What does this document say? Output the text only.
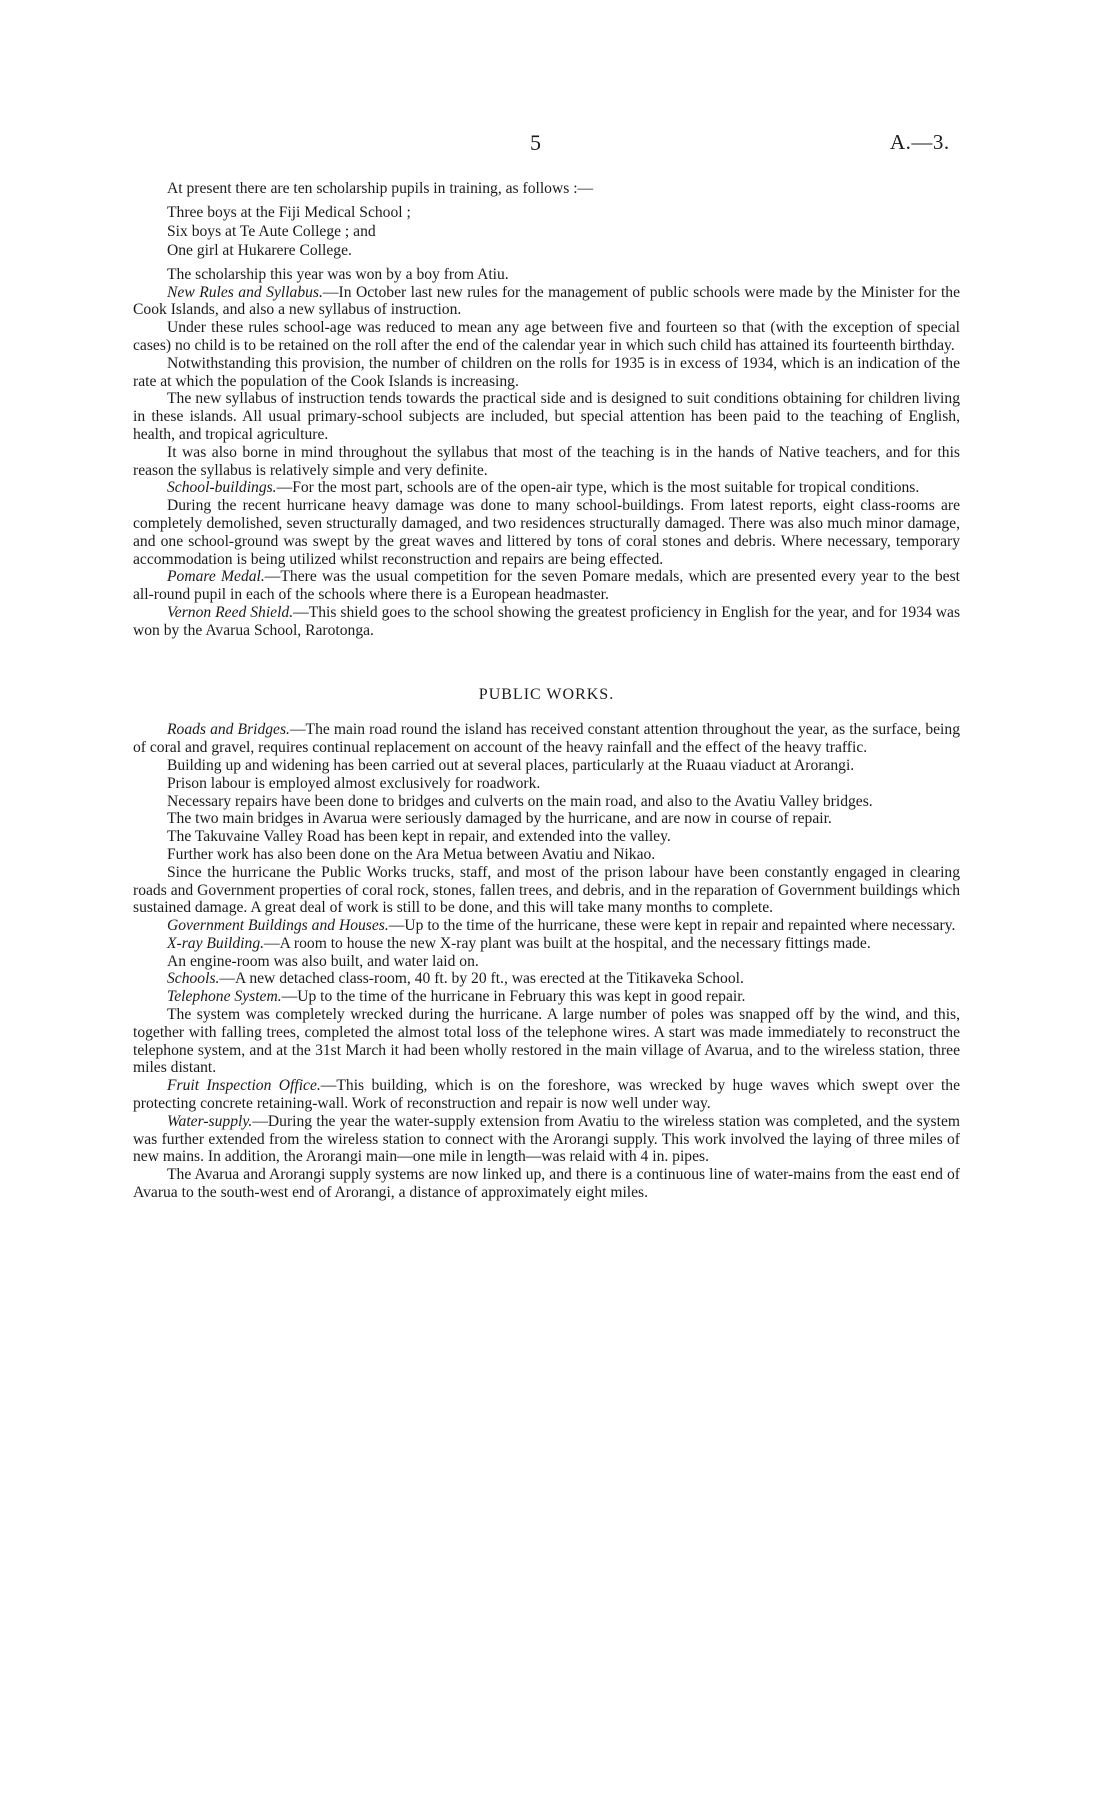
5	A.—3.

At present there are ten scholarship pupils in training, as follows :—

Three boys at the Fiji Medical School ;
Six boys at Te Aute College ; and
One girl at Hukarere College.

The scholarship this year was won by a boy from Atiu.

New Rules and Syllabus.—In October last new rules for the management of public schools were made by the Minister for the Cook Islands, and also a new syllabus of instruction.

Under these rules school-age was reduced to mean any age between five and fourteen so that (with the exception of special cases) no child is to be retained on the roll after the end of the calendar year in which such child has attained its fourteenth birthday.

Notwithstanding this provision, the number of children on the rolls for 1935 is in excess of 1934, which is an indication of the rate at which the population of the Cook Islands is increasing.

The new syllabus of instruction tends towards the practical side and is designed to suit conditions obtaining for children living in these islands. All usual primary-school subjects are included, but special attention has been paid to the teaching of English, health, and tropical agriculture.

It was also borne in mind throughout the syllabus that most of the teaching is in the hands of Native teachers, and for this reason the syllabus is relatively simple and very definite.

School-buildings.—For the most part, schools are of the open-air type, which is the most suitable for tropical conditions.

During the recent hurricane heavy damage was done to many school-buildings. From latest reports, eight class-rooms are completely demolished, seven structurally damaged, and two residences structurally damaged. There was also much minor damage, and one school-ground was swept by the great waves and littered by tons of coral stones and debris. Where necessary, temporary accommodation is being utilized whilst reconstruction and repairs are being effected.

Pomare Medal.—There was the usual competition for the seven Pomare medals, which are presented every year to the best all-round pupil in each of the schools where there is a European headmaster.

Vernon Reed Shield.—This shield goes to the school showing the greatest proficiency in English for the year, and for 1934 was won by the Avarua School, Rarotonga.

PUBLIC WORKS.

Roads and Bridges.—The main road round the island has received constant attention throughout the year, as the surface, being of coral and gravel, requires continual replacement on account of the heavy rainfall and the effect of the heavy traffic.

Building up and widening has been carried out at several places, particularly at the Ruaau viaduct at Arorangi.

Prison labour is employed almost exclusively for roadwork.

Necessary repairs have been done to bridges and culverts on the main road, and also to the Avatiu Valley bridges.

The two main bridges in Avarua were seriously damaged by the hurricane, and are now in course of repair.

The Takuvaine Valley Road has been kept in repair, and extended into the valley.

Further work has also been done on the Ara Metua between Avatiu and Nikao.

Since the hurricane the Public Works trucks, staff, and most of the prison labour have been constantly engaged in clearing roads and Government properties of coral rock, stones, fallen trees, and debris, and in the reparation of Government buildings which sustained damage. A great deal of work is still to be done, and this will take many months to complete.

Government Buildings and Houses.—Up to the time of the hurricane, these were kept in repair and repainted where necessary.

X-ray Building.—A room to house the new X-ray plant was built at the hospital, and the necessary fittings made.

An engine-room was also built, and water laid on.

Schools.—A new detached class-room, 40 ft. by 20 ft., was erected at the Titikaveka School.

Telephone System.—Up to the time of the hurricane in February this was kept in good repair.

The system was completely wrecked during the hurricane. A large number of poles was snapped off by the wind, and this, together with falling trees, completed the almost total loss of the telephone wires. A start was made immediately to reconstruct the telephone system, and at the 31st March it had been wholly restored in the main village of Avarua, and to the wireless station, three miles distant.

Fruit Inspection Office.—This building, which is on the foreshore, was wrecked by huge waves which swept over the protecting concrete retaining-wall. Work of reconstruction and repair is now well under way.

Water-supply.—During the year the water-supply extension from Avatiu to the wireless station was completed, and the system was further extended from the wireless station to connect with the Arorangi supply. This work involved the laying of three miles of new mains. In addition, the Arorangi main—one mile in length—was relaid with 4 in. pipes.

The Avarua and Arorangi supply systems are now linked up, and there is a continuous line of water-mains from the east end of Avarua to the south-west end of Arorangi, a distance of approximately eight miles.
